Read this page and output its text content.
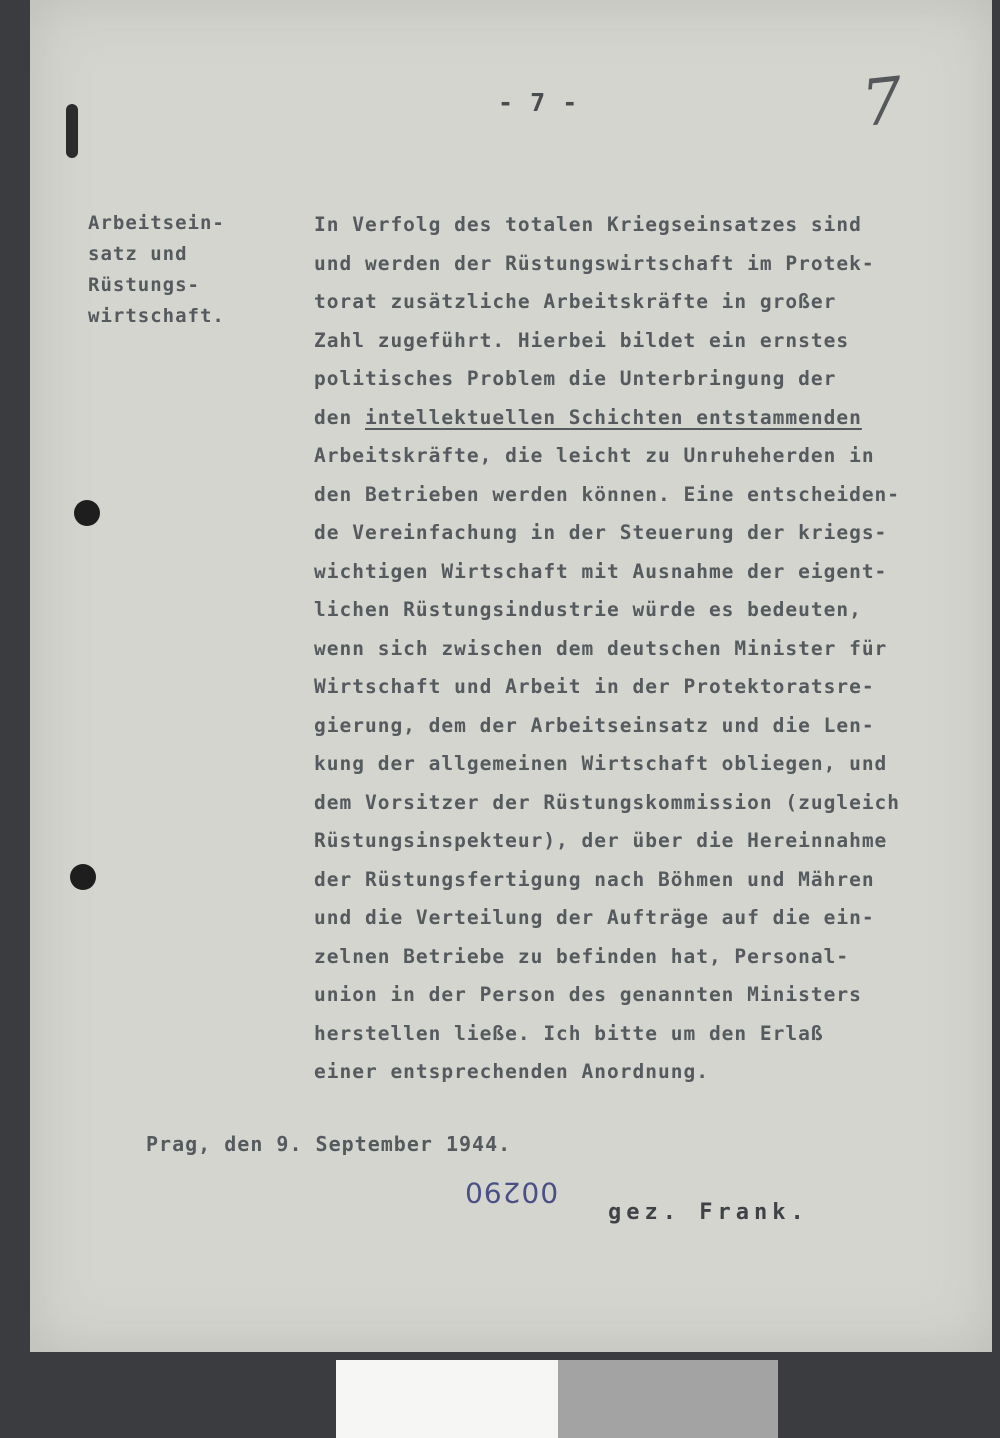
- 7 -	7
Arbeitsein-
satz und
Rüstungs-
wirtschaft.
In Verfolg des totalen Kriegseinsatzes sind
und werden der Rüstungswirtschaft im Protek-
torat zusätzliche Arbeitskräfte in großer
Zahl zugeführt. Hierbei bildet ein ernstes
politisches Problem die Unterbringung der
den intellektuellen Schichten entstammenden
Arbeitskräfte, die leicht zu Unruheherden in
den Betrieben werden können. Eine entscheiden-
de Vereinfachung in der Steuerung der kriegs-
wichtigen Wirtschaft mit Ausnahme der eigent-
lichen Rüstungsindustrie würde es bedeuten,
wenn sich zwischen dem deutschen Minister für
Wirtschaft und Arbeit in der Protektoratsre-
gierung, dem der Arbeitseinsatz und die Len-
kung der allgemeinen Wirtschaft obliegen, und
dem Vorsitzer der Rüstungskommission (zugleich
Rüstungsinspekteur), der über die Hereinnahme
der Rüstungsfertigung nach Böhmen und Mähren
und die Verteilung der Aufträge auf die ein-
zelnen Betriebe zu befinden hat, Personal-
union in der Person des genannten Ministers
herstellen ließe. Ich bitte um den Erlaß
einer entsprechenden Anordnung.
Prag, den 9. September 1944.
00290
gez. Frank.
